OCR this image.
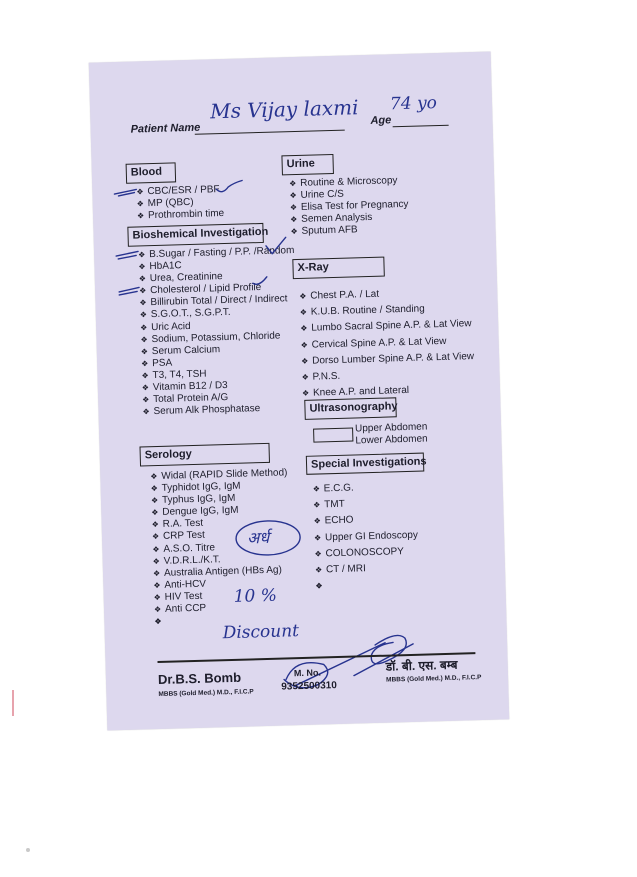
Patient Name
Ms Vijay laxmi Age
74 yo
Blood
❖ CBC/ESR / PBF
❖ MP (QBC)
❖ Prothrombin time
Bioshemical Investigation
❖ B.Sugar / Fasting / P.P. /Random
❖ HbA1C
❖ Urea, Creatinine
❖ Cholesterol / Lipid Profile
❖ Billirubin Total / Direct / Indirect
❖ S.G.O.T., S.G.P.T.
❖ Uric Acid
❖ Sodium, Potassium, Chloride
❖ Serum Calcium
❖ PSA
❖ T3, T4, TSH
❖ Vitamin B12 / D3
❖ Total Protein A/G
❖ Serum Alk Phosphatase
Serology
❖ Widal (RAPID Slide Method)
❖ Typhidot IgG, IgM
❖ Typhus IgG, IgM
❖ Dengue IgG, IgM
❖ R.A. Test
❖ CRP Test
❖ A.S.O. Titre
❖ V.D.R.L./K.T.
❖ Australia Antigen (HBs Ag)
❖ Anti-HCV
❖ HIV Test
❖ Anti CCP
❖
❖
Urine
❖ Routine & Microscopy
❖ Urine C/S
❖ Elisa Test for Pregnancy
❖ Semen Analysis
❖ Sputum AFB
X-Ray
❖ Chest P.A. / Lat
❖ K.U.B. Routine / Standing
❖ Lumbo Sacral Spine A.P. & Lat View
❖ Cervical Spine A.P. & Lat View
❖ Dorso Lumber Spine A.P. & Lat View
❖ P.N.S.
❖ Knee A.P. and Lateral
Ultrasonography
Upper Abdomen
Lower Abdomen
Special Investigations
❖ E.C.G.
❖ TMT
❖ ECHO
❖ Upper GI Endoscopy
❖ COLONOSCOPY
❖ CT / MRI
❖
❖
अर्ध
10 %
Discount
Dr.B.S. Bomb
MBBS (Gold Med.) M.D., F.I.C.P
M. No.
9352500310
डॉ. बी. एस. बम्ब
MBBS (Gold Med.) M.D., F.I.C.P
